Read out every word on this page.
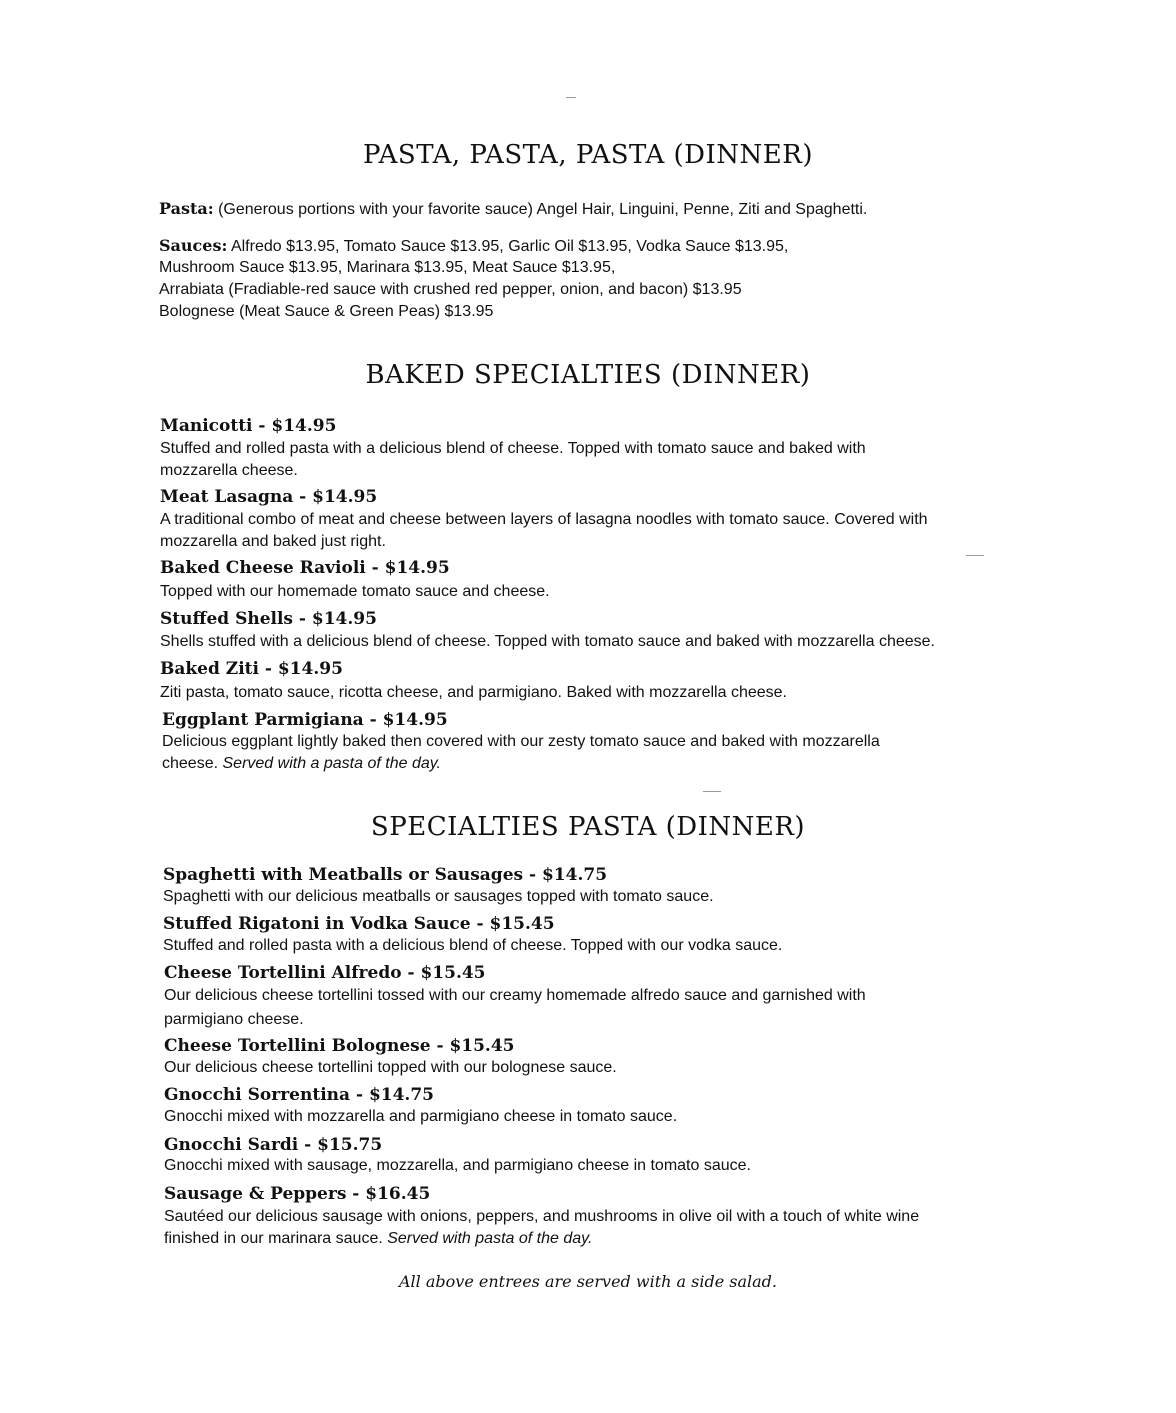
PASTA, PASTA, PASTA (DINNER)
Pasta: (Generous portions with your favorite sauce) Angel Hair, Linguini, Penne, Ziti and Spaghetti.
Sauces: Alfredo $13.95, Tomato Sauce $13.95, Garlic Oil $13.95, Vodka Sauce $13.95,
Mushroom Sauce $13.95, Marinara $13.95, Meat Sauce $13.95,
Arrabiata (Fradiable-red sauce with crushed red pepper, onion, and bacon) $13.95
Bolognese (Meat Sauce & Green Peas) $13.95
BAKED SPECIALTIES (DINNER)
Manicotti - $14.95
Stuffed and rolled pasta with a delicious blend of cheese. Topped with tomato sauce and baked with
mozzarella cheese.
Meat Lasagna - $14.95
A traditional combo of meat and cheese between layers of lasagna noodles with tomato sauce. Covered with
mozzarella and baked just right.
Baked Cheese Ravioli - $14.95
Topped with our homemade tomato sauce and cheese.
Stuffed Shells - $14.95
Shells stuffed with a delicious blend of cheese. Topped with tomato sauce and baked with mozzarella cheese.
Baked Ziti - $14.95
Ziti pasta, tomato sauce, ricotta cheese, and parmigiano. Baked with mozzarella cheese.
Eggplant Parmigiana - $14.95
Delicious eggplant lightly baked then covered with our zesty tomato sauce and baked with mozzarella
cheese. Served with a pasta of the day.
SPECIALTIES PASTA (DINNER)
Spaghetti with Meatballs or Sausages - $14.75
Spaghetti with our delicious meatballs or sausages topped with tomato sauce.
Stuffed Rigatoni in Vodka Sauce - $15.45
Stuffed and rolled pasta with a delicious blend of cheese. Topped with our vodka sauce.
Cheese Tortellini Alfredo - $15.45
Our delicious cheese tortellini tossed with our creamy homemade alfredo sauce and garnished with
parmigiano cheese.
Cheese Tortellini Bolognese - $15.45
Our delicious cheese tortellini topped with our bolognese sauce.
Gnocchi Sorrentina - $14.75
Gnocchi mixed with mozzarella and parmigiano cheese in tomato sauce.
Gnocchi Sardi - $15.75
Gnocchi mixed with sausage, mozzarella, and parmigiano cheese in tomato sauce.
Sausage & Peppers - $16.45
Sautéed our delicious sausage with onions, peppers, and mushrooms in olive oil with a touch of white wine
finished in our marinara sauce. Served with pasta of the day.
All above entrees are served with a side salad.
